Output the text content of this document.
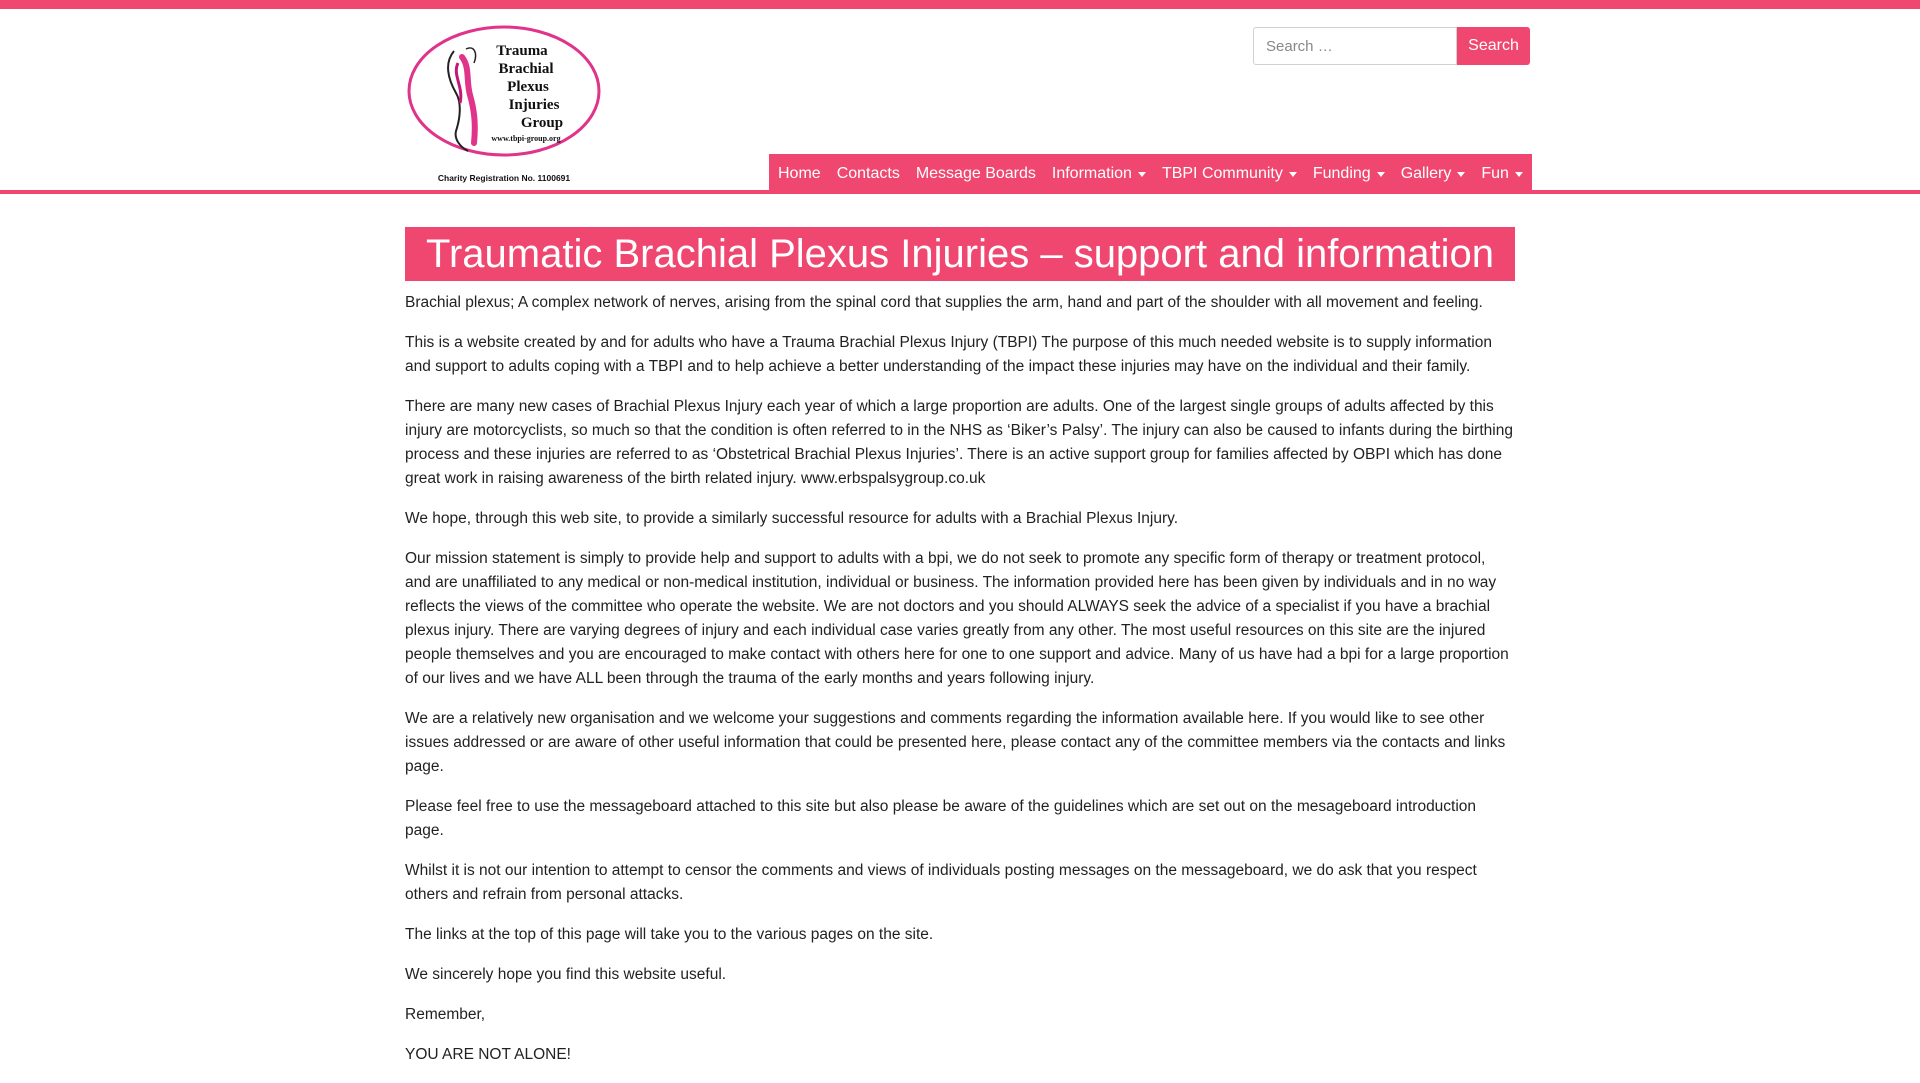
Trauma
Brachial
Plexus
Injuries
Group
www.tbpi-group.org
Charity Registration No. 1100691
Search …
Search
Home Contacts Message Boards Information TBPI Community Funding Gallery Fun
Traumatic Brachial Plexus Injuries – support and information

Brachial plexus; A complex network of nerves, arising from the spinal cord that supplies the arm, hand and part of the shoulder with all movement and feeling.

This is a website created by and for adults who have a Trauma Brachial Plexus Injury (TBPI) The purpose of this much needed website is to supply information and support to adults coping with a TBPI and to help achieve a better understanding of the impact these injuries may have on the individual and their family.

There are many new cases of Brachial Plexus Injury each year of which a large proportion are adults. One of the largest single groups of adults affected by this injury are motorcyclists, so much so that the condition is often referred to in the NHS as ‘Biker’s Palsy’. The injury can also be caused to infants during the birthing process and these injuries are referred to as ‘Obstetrical Brachial Plexus Injuries’. There is an active support group for families affected by OBPI which has done great work in raising awareness of the birth related injury. www.erbspalsygroup.co.uk

We hope, through this web site, to provide a similarly successful resource for adults with a Brachial Plexus Injury.

Our mission statement is simply to provide help and support to adults with a bpi, we do not seek to promote any specific form of therapy or treatment protocol, and are unaffiliated to any medical or non-medical institution, individual or business. The information provided here has been given by individuals and in no way reflects the views of the committee who operate the website. We are not doctors and you should ALWAYS seek the advice of a specialist if you have a brachial plexus injury. There are varying degrees of injury and each individual case varies greatly from any other. The most useful resources on this site are the injured people themselves and you are encouraged to make contact with others here for one to one support and advice. Many of us have had a bpi for a large proportion of our lives and we have ALL been through the trauma of the early months and years following injury.

We are a relatively new organisation and we welcome your suggestions and comments regarding the information available here. If you would like to see other issues addressed or are aware of other useful information that could be presented here, please contact any of the committee members via the contacts and links page.

Please feel free to use the messageboard attached to this site but also please be aware of the guidelines which are set out on the mesageboard introduction page.

Whilst it is not our intention to attempt to censor the comments and views of individuals posting messages on the messageboard, we do ask that you respect others and refrain from personal attacks.

The links at the top of this page will take you to the various pages on the site.

We sincerely hope you find this website useful.

Remember,

YOU ARE NOT ALONE!
